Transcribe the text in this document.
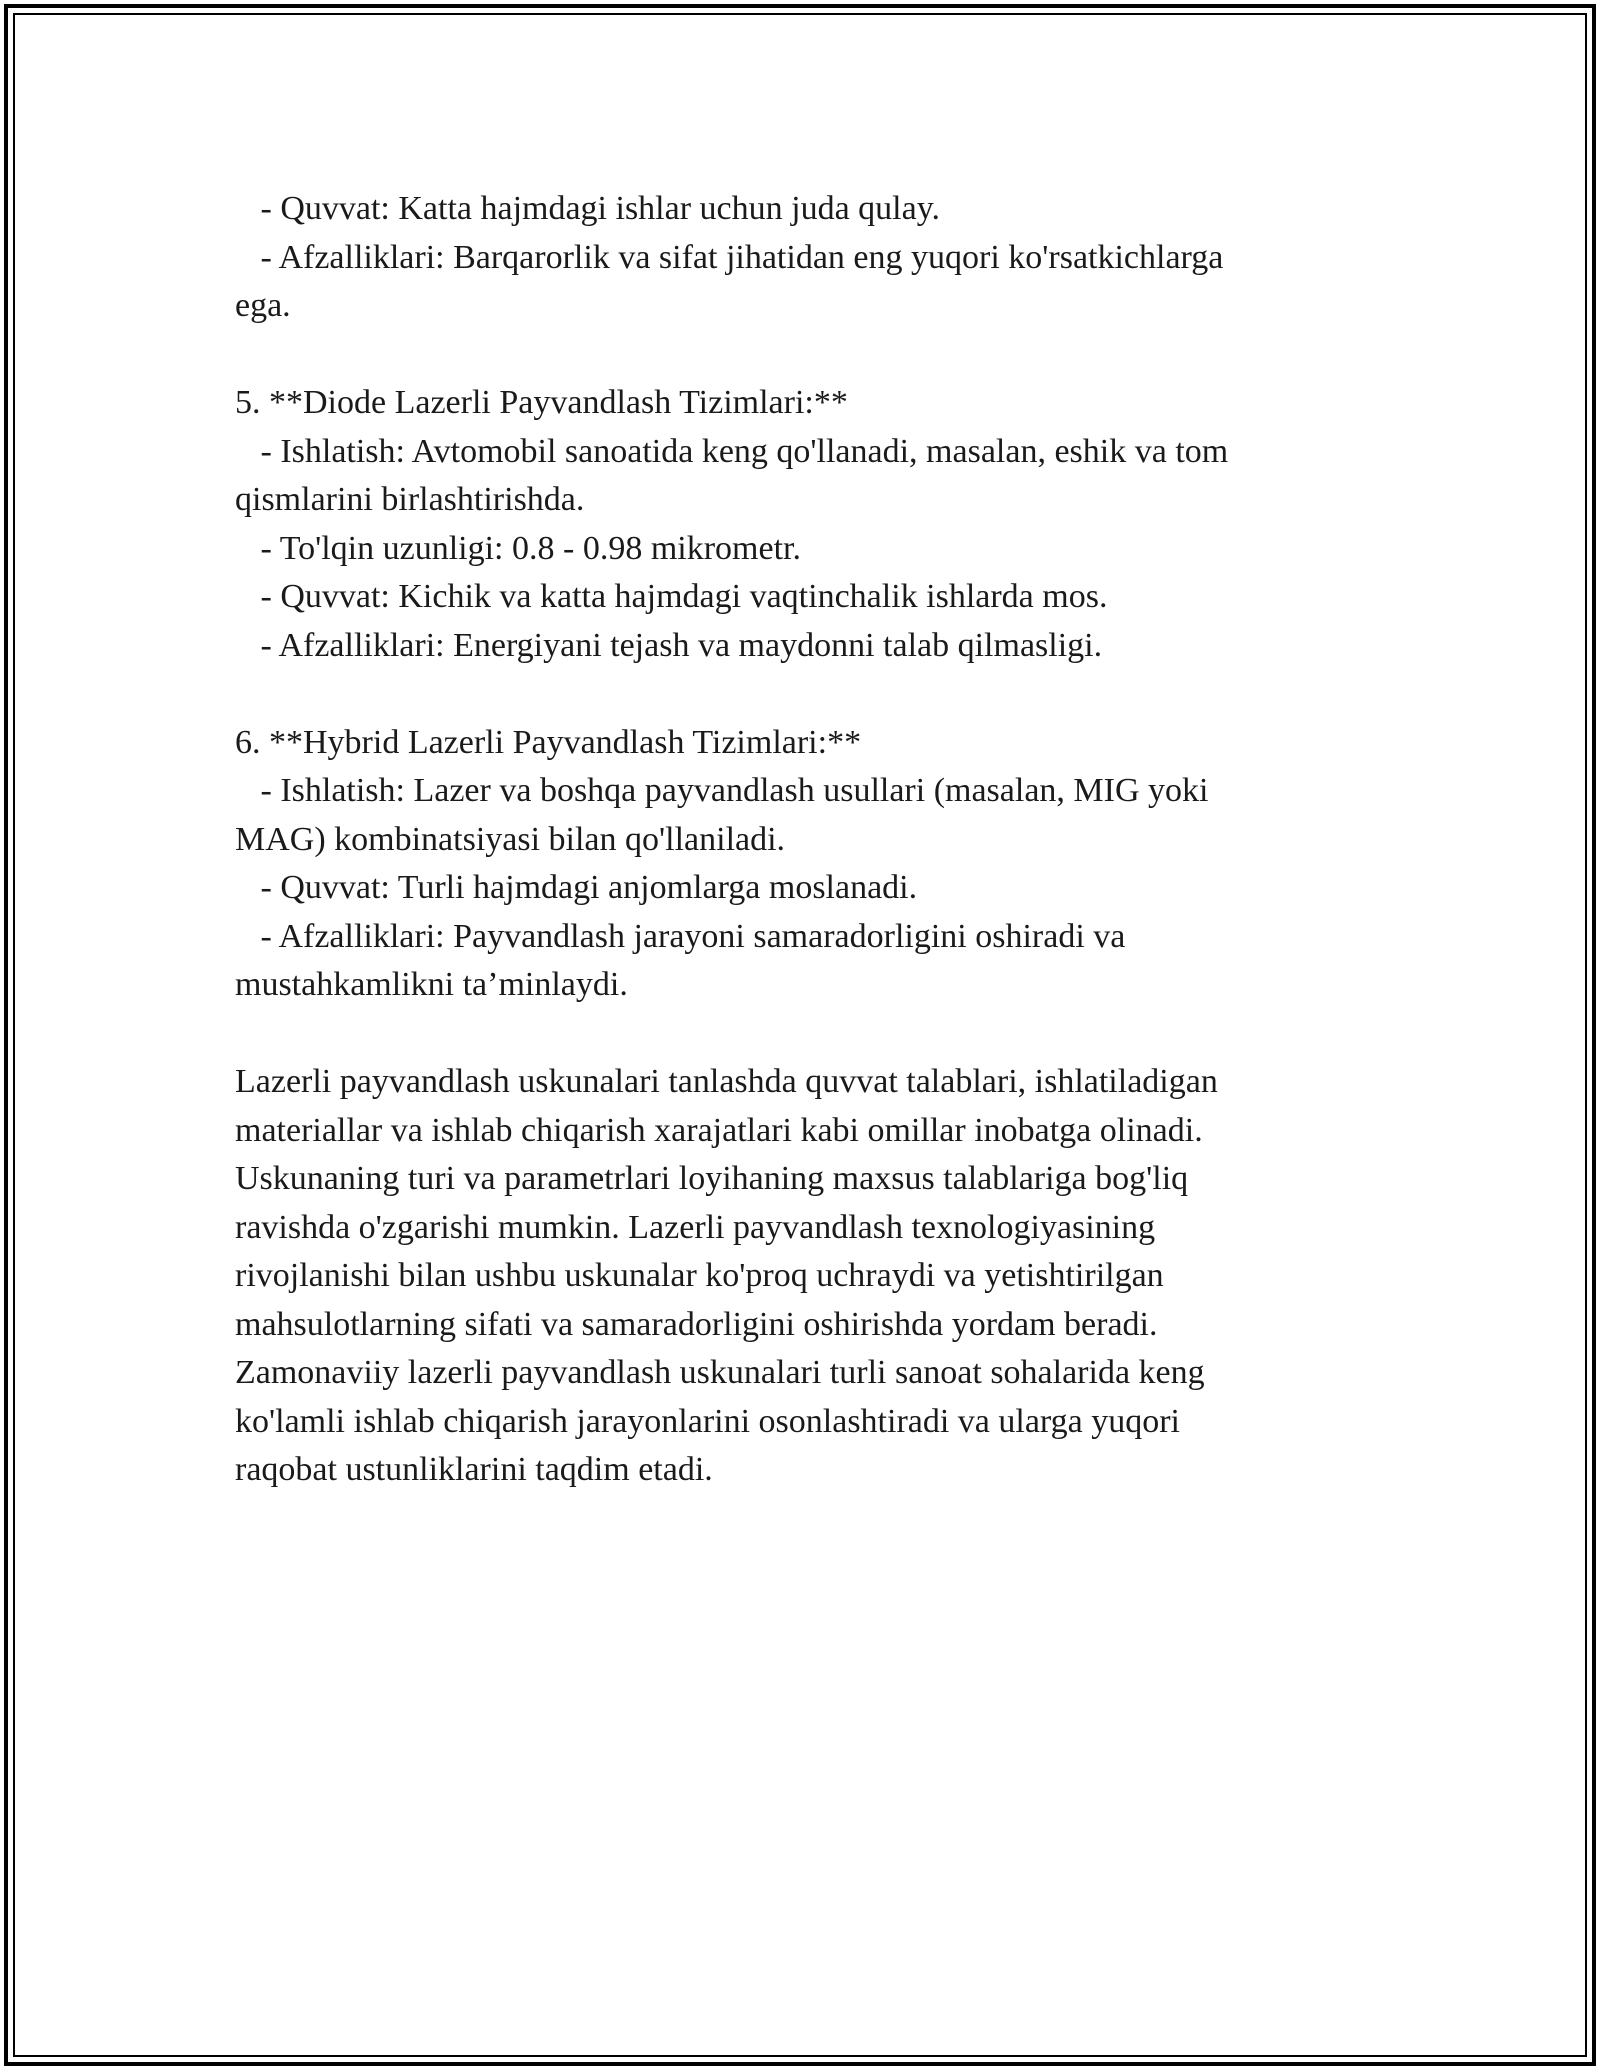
- Quvvat: Katta hajmdagi ishlar uchun juda qulay.

- Afzalliklari: Barqarorlik va sifat jihatidan eng yuqori ko'rsatkichlarga

ega.

5. **Diode Lazerli Payvandlash Tizimlari:**

- Ishlatish: Avtomobil sanoatida keng qo'llanadi, masalan, eshik va tom

qismlarini birlashtirishda.

- To'lqin uzunligi: 0.8 - 0.98 mikrometr.

- Quvvat: Kichik va katta hajmdagi vaqtinchalik ishlarda mos.

- Afzalliklari: Energiyani tejash va maydonni talab qilmasligi.

6. **Hybrid Lazerli Payvandlash Tizimlari:**

- Ishlatish: Lazer va boshqa payvandlash usullari (masalan, MIG yoki

MAG) kombinatsiyasi bilan qo'llaniladi.

- Quvvat: Turli hajmdagi anjomlarga moslanadi.

- Afzalliklari: Payvandlash jarayoni samaradorligini oshiradi va

mustahkamlikni ta’minlaydi.

Lazerli payvandlash uskunalari tanlashda quvvat talablari, ishlatiladigan

materiallar va ishlab chiqarish xarajatlari kabi omillar inobatga olinadi.

Uskunaning turi va parametrlari loyihaning maxsus talablariga bog'liq

ravishda o'zgarishi mumkin. Lazerli payvandlash texnologiyasining

rivojlanishi bilan ushbu uskunalar ko'proq uchraydi va yetishtirilgan

mahsulotlarning sifati va samaradorligini oshirishda yordam beradi.

Zamonaviiy lazerli payvandlash uskunalari turli sanoat sohalarida keng

ko'lamli ishlab chiqarish jarayonlarini osonlashtiradi va ularga yuqori

raqobat ustunliklarini taqdim etadi.
